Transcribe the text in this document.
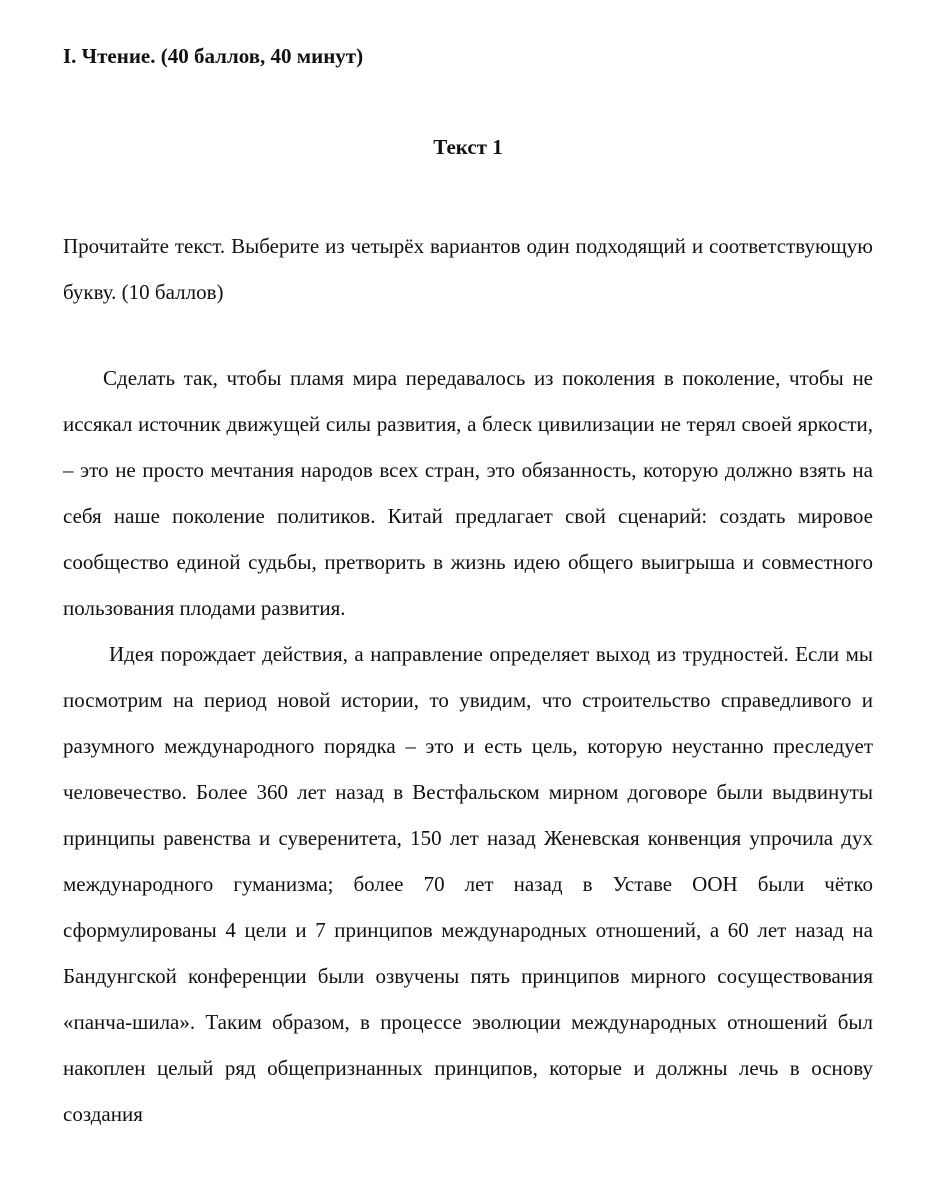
I. Чтение. (40 баллов, 40 минут)
Текст 1
Прочитайте текст. Выберите из четырёх вариантов один подходящий и соответствующую букву. (10 баллов)

Сделать так, чтобы пламя мира передавалось из поколения в поколение, чтобы не иссякал источник движущей силы развития, а блеск цивилизации не терял своей яркости, – это не просто мечтания народов всех стран, это обязанность, которую должно взять на себя наше поколение политиков. Китай предлагает свой сценарий: создать мировое сообщество единой судьбы, претворить в жизнь идею общего выигрыша и совместного пользования плодами развития.

Идея порождает действия, а направление определяет выход из трудностей. Если мы посмотрим на период новой истории, то увидим, что строительство справедливого и разумного международного порядка – это и есть цель, которую неустанно преследует человечество. Более 360 лет назад в Вестфальском мирном договоре были выдвинуты принципы равенства и суверенитета, 150 лет назад Женевская конвенция упрочила дух международного гуманизма; более 70 лет назад в Уставе ООН были чётко сформулированы 4 цели и 7 принципов международных отношений, а 60 лет назад на Бандунгской конференции были озвучены пять принципов мирного сосуществования «панча-шила». Таким образом, в процессе эволюции международных отношений был накоплен целый ряд общепризнанных принципов, которые и должны лечь в основу создания
